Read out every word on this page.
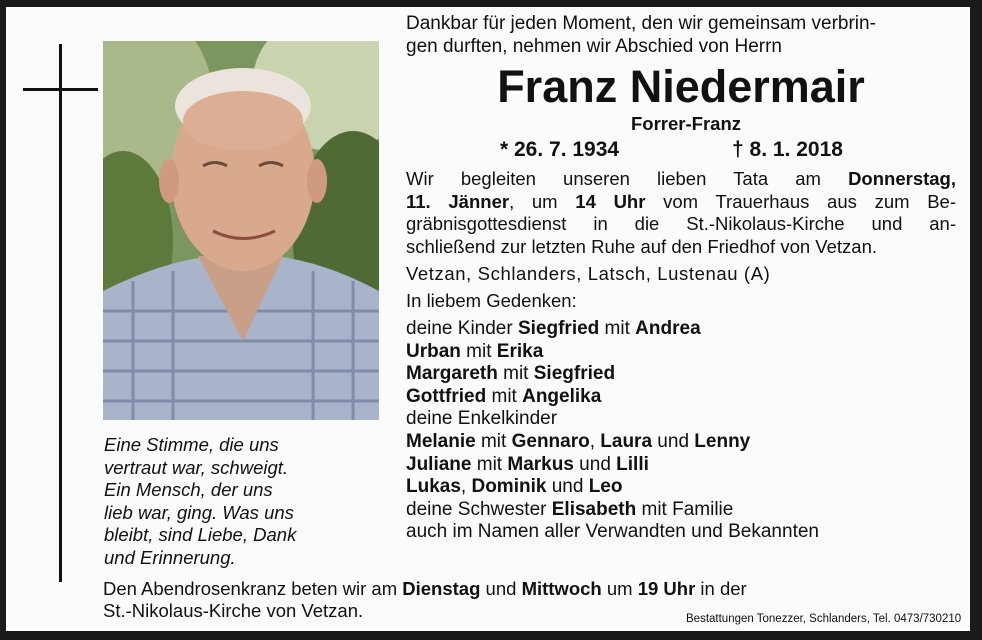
Eine Stimme, die uns
vertraut war, schweigt.
Ein Mensch, der uns
lieb war, ging. Was uns
bleibt, sind Liebe, Dank
und Erinnerung.
Dankbar für jeden Moment, den wir gemeinsam verbrin-
gen durften, nehmen wir Abschied von Herrn
Franz Niedermair
Forrer-Franz
* 26. 7. 1934	† 8. 1. 2018
Wir begleiten unseren lieben Tata am Donnerstag,
11. Jänner, um 14 Uhr vom Trauerhaus aus zum Be-
gräbnisgottesdienst in die St.-Nikolaus-Kirche und an-
schließend zur letzten Ruhe auf den Friedhof von Vetzan.
Vetzan, Schlanders, Latsch, Lustenau (A)
In liebem Gedenken:
deine Kinder Siegfried mit Andrea
Urban mit Erika
Margareth mit Siegfried
Gottfried mit Angelika
deine Enkelkinder
Melanie mit Gennaro, Laura und Lenny
Juliane mit Markus und Lilli
Lukas, Dominik und Leo
deine Schwester Elisabeth mit Familie
auch im Namen aller Verwandten und Bekannten
Den Abendrosenkranz beten wir am Dienstag und Mittwoch um 19 Uhr in der
St.-Nikolaus-Kirche von Vetzan.	Bestattungen Tonezzer, Schlanders, Tel. 0473/730210
